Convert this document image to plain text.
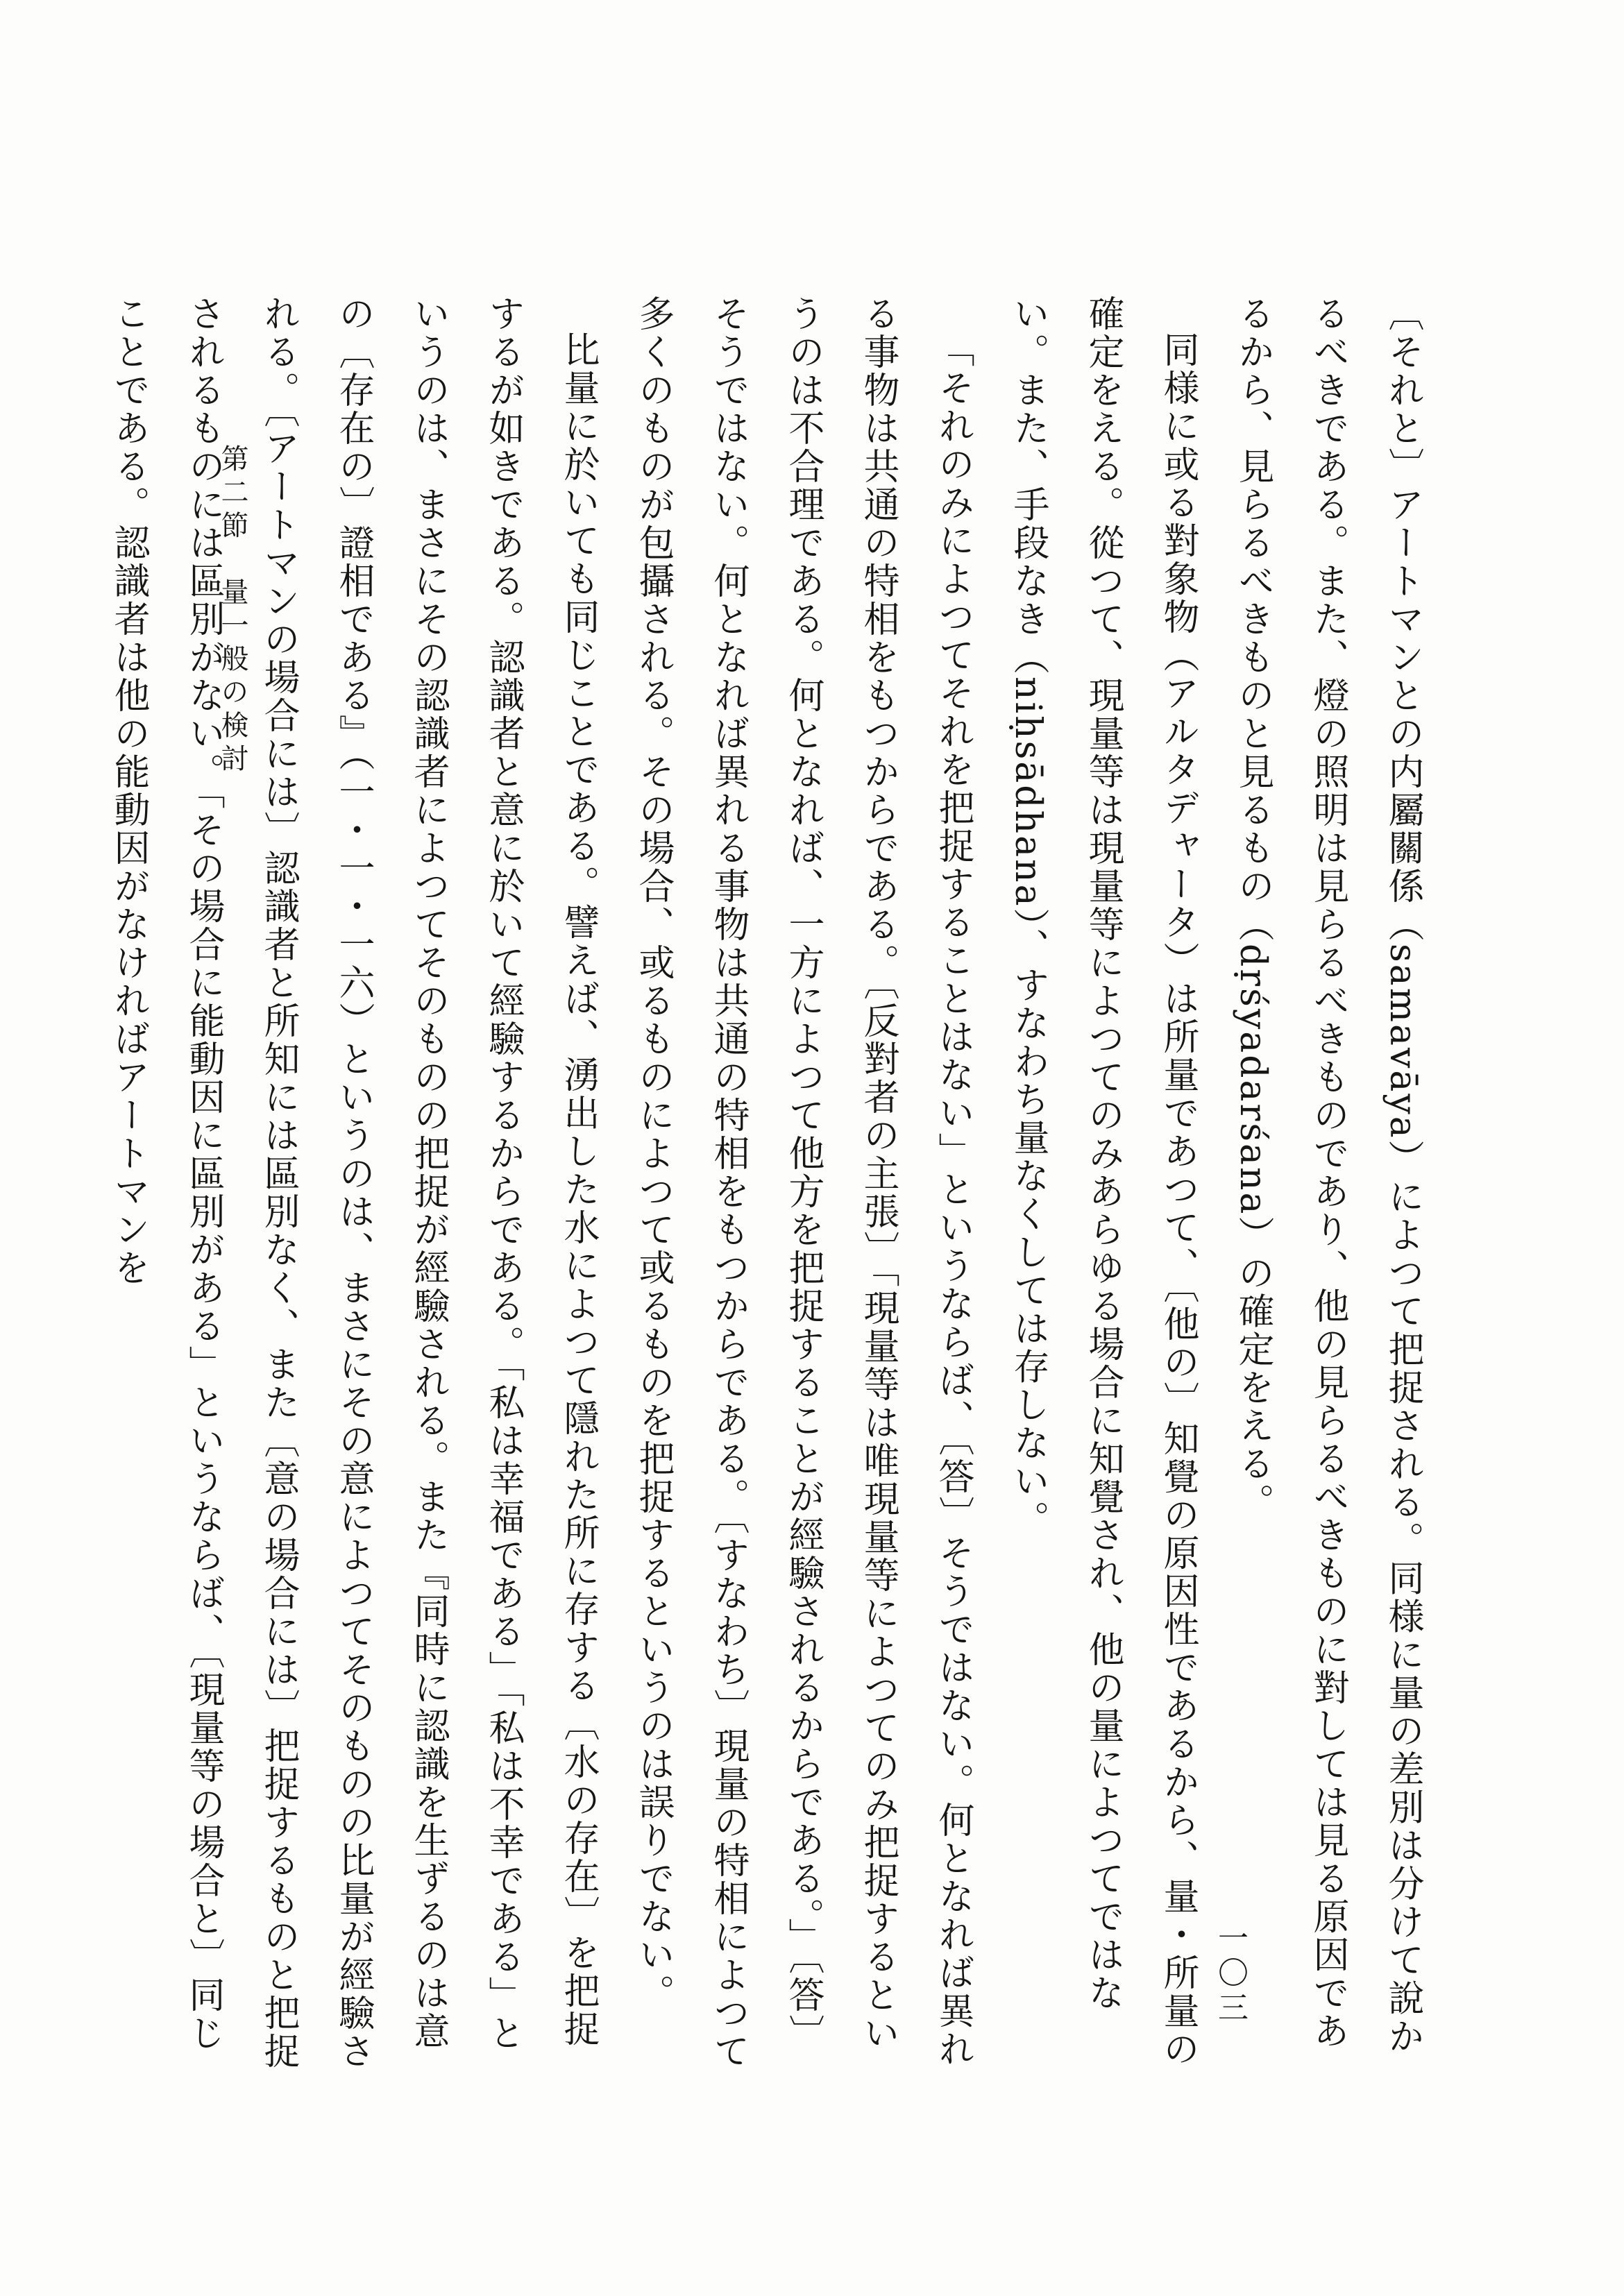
〔それと〕アートマンとの内屬關係（samavāya）によつて把捉される。同様に量の差別は分けて說かるべきである。また、燈の照明は見らるべきものであり、他の見らるべきものに對しては見る原因であるから、見らるべきものと見るもの（dṛśyadarśana）の確定をえる。

同様に或る對象物（アルタデャータ）は所量であつて、〔他の〕知覺の原因性であるから、量・所量の確定をえる。從つて、現量等は現量等によつてのみあらゆる場合に知覺され、他の量によつてではない。また、手段なき（niḥsādhana）、すなわち量なくしては存しない。

「それのみによつてそれを把捉することはない」というならば、〔答〕そうではない。何となれば異れる事物は共通の特相をもつからである。〔反對者の主張〕「現量等は唯現量等によつてのみ把捉するというのは不合理である。何となれば、一方によつて他方を把捉することが經驗されるからである。」〔答〕そうではない。何となれば異れる事物は共通の特相をもつからである。〔すなわち〕現量の特相によつて多くのものが包攝される。その場合、或るものによつて或るものを把捉するというのは誤りでない。

比量に於いても同じことである。譬えば、湧出した水によつて隱れた所に存する〔水の存在〕を把捉するが如きである。認識者と意に於いて經驗するからである。「私は幸福である」「私は不幸である」というのは、まさにその認識者によつてそのものの把捉が經驗される。また『同時に認識を生ずるのは意の〔存在の〕證相である』（一・一・一六）というのは、まさにその意によつてそのものの比量が經驗される。〔アートマンの場合には〕認識者と所知には區別なく、また〔意の場合には〕把捉するものと把捉されるものには區別がない。「その場合に能動因に區別がある」というならば、〔現量等の場合と〕同じことである。認識者は他の能動因がなければアートマンを	第二節　量一般の検討
一〇三
